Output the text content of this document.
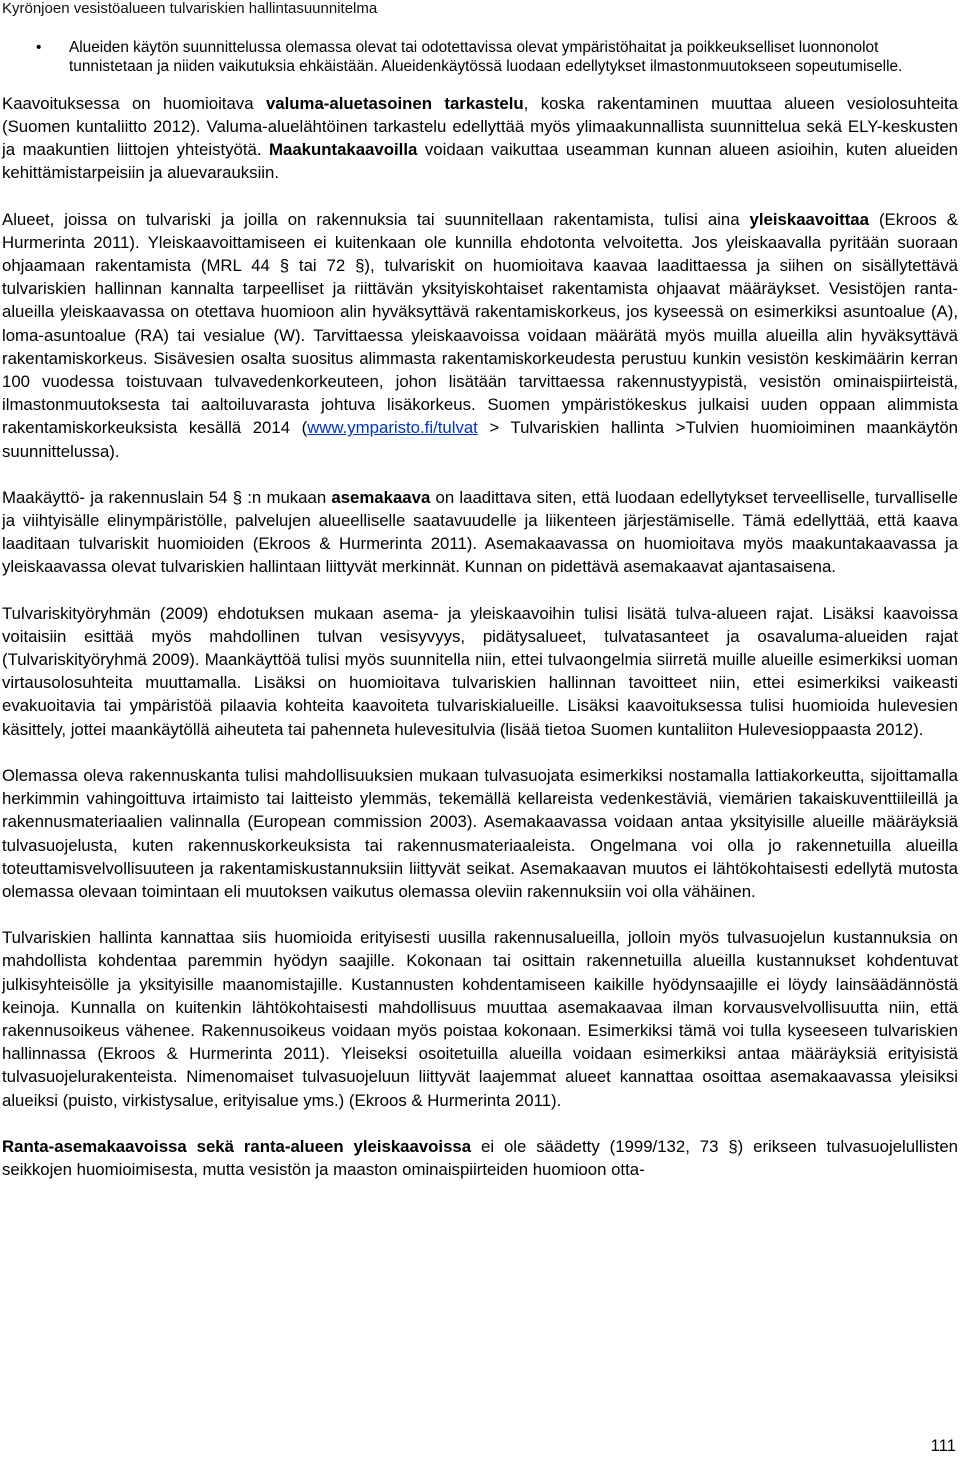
Kyrönjoen vesistöalueen tulvariskien hallintasuunnitelma
• Alueiden käytön suunnittelussa olemassa olevat tai odotettavissa olevat ympäristöhaitat ja poikkeukselliset luonnonolot tunnistetaan ja niiden vaikutuksia ehkäistään. Alueidenkäytössä luodaan edellytykset ilmastonmuutokseen sopeutumiselle.

Kaavoituksessa on huomioitava valuma-aluetasoinen tarkastelu, koska rakentaminen muuttaa alueen vesiolosuhteita (Suomen kuntaliitto 2012). Valuma-aluelähtöinen tarkastelu edellyttää myös ylimaakunnallista suunnittelua sekä ELY-keskusten ja maakuntien liittojen yhteistyötä. Maakuntakaavoilla voidaan vaikuttaa useamman kunnan alueen asioihin, kuten alueiden kehittämistarpeisiin ja aluevarauksiin.

Alueet, joissa on tulvariski ja joilla on rakennuksia tai suunnitellaan rakentamista, tulisi aina yleiskaavoittaa (Ekroos & Hurmerinta 2011). Yleiskaavoittamiseen ei kuitenkaan ole kunnilla ehdotonta velvoitetta. Jos yleiskaavalla pyritään suoraan ohjaamaan rakentamista (MRL 44 § tai 72 §), tulvariskit on huomioitava kaavaa laadittaessa ja siihen on sisällytettävä tulvariskien hallinnan kannalta tarpeelliset ja riittävän yksityiskohtaiset rakentamista ohjaavat määräykset. Vesistöjen ranta-alueilla yleiskaavassa on otettava huomioon alin hyväksyttävä rakentamiskorkeus, jos kyseessä on esimerkiksi asuntoalue (A), loma-asuntoalue (RA) tai vesialue (W). Tarvittaessa yleiskaavoissa voidaan määrätä myös muilla alueilla alin hyväksyttävä rakentamiskorkeus. Sisävesien osalta suositus alimmasta rakentamiskorkeudesta perustuu kunkin vesistön keskimäärin kerran 100 vuodessa toistuvaan tulvavedenkorkeuteen, johon lisätään tarvittaessa rakennustyypistä, vesistön ominaispiirteistä, ilmastonmuutoksesta tai aaltoiluvarasta johtuva lisäkorkeus. Suomen ympäristökeskus julkaisi uuden oppaan alimmista rakentamiskorkeuksista kesällä 2014 (www.ymparisto.fi/tulvat > Tulvariskien hallinta >Tulvien huomioiminen maankäytön suunnittelussa).

Maakäyttö- ja rakennuslain 54 § :n mukaan asemakaava on laadittava siten, että luodaan edellytykset terveelliselle, turvalliselle ja viihtyisälle elinympäristölle, palvelujen alueelliselle saatavuudelle ja liikenteen järjestämiselle. Tämä edellyttää, että kaava laaditaan tulvariskit huomioiden (Ekroos & Hurmerinta 2011). Asemakaavassa on huomioitava myös maakuntakaavassa ja yleiskaavassa olevat tulvariskien hallintaan liittyvät merkinnät. Kunnan on pidettävä asemakaavat ajantasaisena.

Tulvariskityöryhmän (2009) ehdotuksen mukaan asema- ja yleiskaavoihin tulisi lisätä tulva-alueen rajat. Lisäksi kaavoissa voitaisiin esittää myös mahdollinen tulvan vesisyvyys, pidätysalueet, tulvatasanteet ja osavaluma-alueiden rajat (Tulvariskityöryhmä 2009). Maankäyttöä tulisi myös suunnitella niin, ettei tulvaongelmia siirretä muille alueille esimerkiksi uoman virtausolosuhteita muuttamalla. Lisäksi on huomioitava tulvariskien hallinnan tavoitteet niin, ettei esimerkiksi vaikeasti evakuoitavia tai ympäristöä pilaavia kohteita kaavoiteta tulvariskialueille. Lisäksi kaavoituksessa tulisi huomioida hulevesien käsittely, jottei maankäytöllä aiheuteta tai pahenneta hulevesitulvia (lisää tietoa Suomen kuntaliiton Hulevesioppaasta 2012).

Olemassa oleva rakennuskanta tulisi mahdollisuuksien mukaan tulvasuojata esimerkiksi nostamalla lattiakorkeutta, sijoittamalla herkimmin vahingoittuva irtaimisto tai laitteisto ylemmäs, tekemällä kellareista vedenkestäviä, viemärien takaiskuventtiileillä ja rakennusmateriaalien valinnalla (European commission 2003). Asemakaavassa voidaan antaa yksityisille alueille määräyksiä tulvasuojelusta, kuten rakennuskorkeuksista tai rakennusmateriaaleista. Ongelmana voi olla jo rakennetuilla alueilla toteuttamisvelvollisuuteen ja rakentamiskustannuksiin liittyvät seikat. Asemakaavan muutos ei lähtökohtaisesti edellytä mutosta olemassa olevaan toimintaan eli muutoksen vaikutus olemassa oleviin rakennuksiin voi olla vähäinen.

Tulvariskien hallinta kannattaa siis huomioida erityisesti uusilla rakennusalueilla, jolloin myös tulvasuojelun kustannuksia on mahdollista kohdentaa paremmin hyödyn saajille. Kokonaan tai osittain rakennetuilla alueilla kustannukset kohdentuvat julkisyhteisölle ja yksityisille maanomistajille. Kustannusten kohdentamiseen kaikille hyödynsaajille ei löydy lainsäädännöstä keinoja. Kunnalla on kuitenkin lähtökohtaisesti mahdollisuus muuttaa asemakaavaa ilman korvausvelvollisuutta niin, että rakennusoikeus vähenee. Rakennusoikeus voidaan myös poistaa kokonaan. Esimerkiksi tämä voi tulla kyseeseen tulvariskien hallinnassa (Ekroos & Hurmerinta 2011). Yleiseksi osoitetuilla alueilla voidaan esimerkiksi antaa määräyksiä erityisistä tulvasuojelurakenteista. Nimenomaiset tulvasuojeluun liittyvät laajemmat alueet kannattaa osoittaa asemakaavassa yleisiksi alueiksi (puisto, virkistysalue, erityisalue yms.) (Ekroos & Hurmerinta 2011).

Ranta-asemakaavoissa sekä ranta-alueen yleiskaavoissa ei ole säädetty (1999/132, 73 §) erikseen tulvasuojelullisten seikkojen huomioimisesta, mutta vesistön ja maaston ominaispiirteiden huomioon otta-

111
